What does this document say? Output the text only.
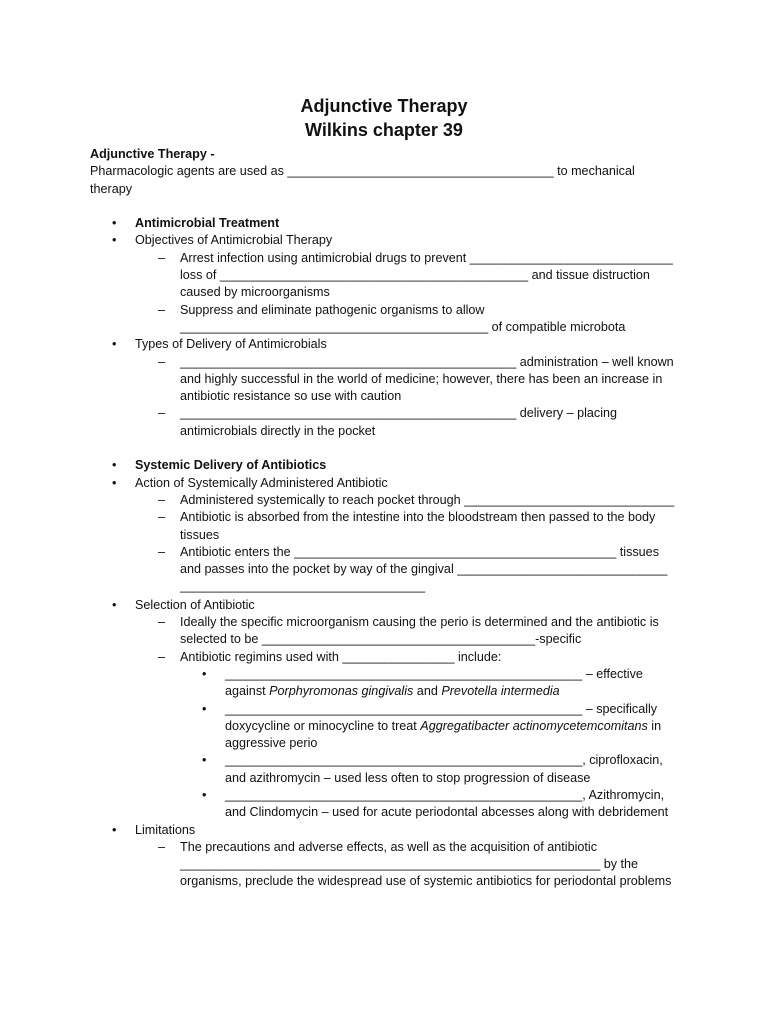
Adjunctive Therapy

Wilkins chapter 39

Adjunctive Therapy -

Pharmacologic agents are used as ______________________________________ to mechanical therapy

• Antimicrobial Treatment
• Objectives of Antimicrobial Therapy
– Arrest infection using antimicrobial drugs to prevent _____________________________ loss of ____________________________________________ and tissue distruction caused by microorganisms
– Suppress and eliminate pathogenic organisms to allow ____________________________________________ of compatible microbota
• Types of Delivery of Antimicrobials
– ________________________________________________ administration – well known and highly successful in the world of medicine; however, there has been an increase in antibiotic resistance so use with caution
– ________________________________________________ delivery – placing antimicrobials directly in the pocket
• Systemic Delivery of Antibiotics
• Action of Systemically Administered Antibiotic
– Administered systemically to reach pocket through ______________________________
– Antibiotic is absorbed from the intestine into the bloodstream then passed to the body tissues
– Antibiotic enters the ______________________________________________ tissues and passes into the pocket by way of the gingival ______________________________ ___________________________________
• Selection of Antibiotic
– Ideally the specific microorganism causing the perio is determined and the antibiotic is selected to be _______________________________________-specific
– Antibiotic regimins used with ________________ include:
• ___________________________________________________ – effective against Porphyromonas gingivalis and Prevotella intermedia
• ___________________________________________________ – specifically doxycycline or minocycline to treat Aggregatibacter actinomycetemcomitans in aggressive perio
• ___________________________________________________, ciprofloxacin, and azithromycin – used less often to stop progression of disease
• ___________________________________________________, Azithromycin, and Clindomycin – used for acute periodontal abcesses along with debridement
• Limitations
– The precautions and adverse effects, as well as the acquisition of antibiotic ____________________________________________________________ by the organisms, preclude the widespread use of systemic antibiotics for periodontal problems
